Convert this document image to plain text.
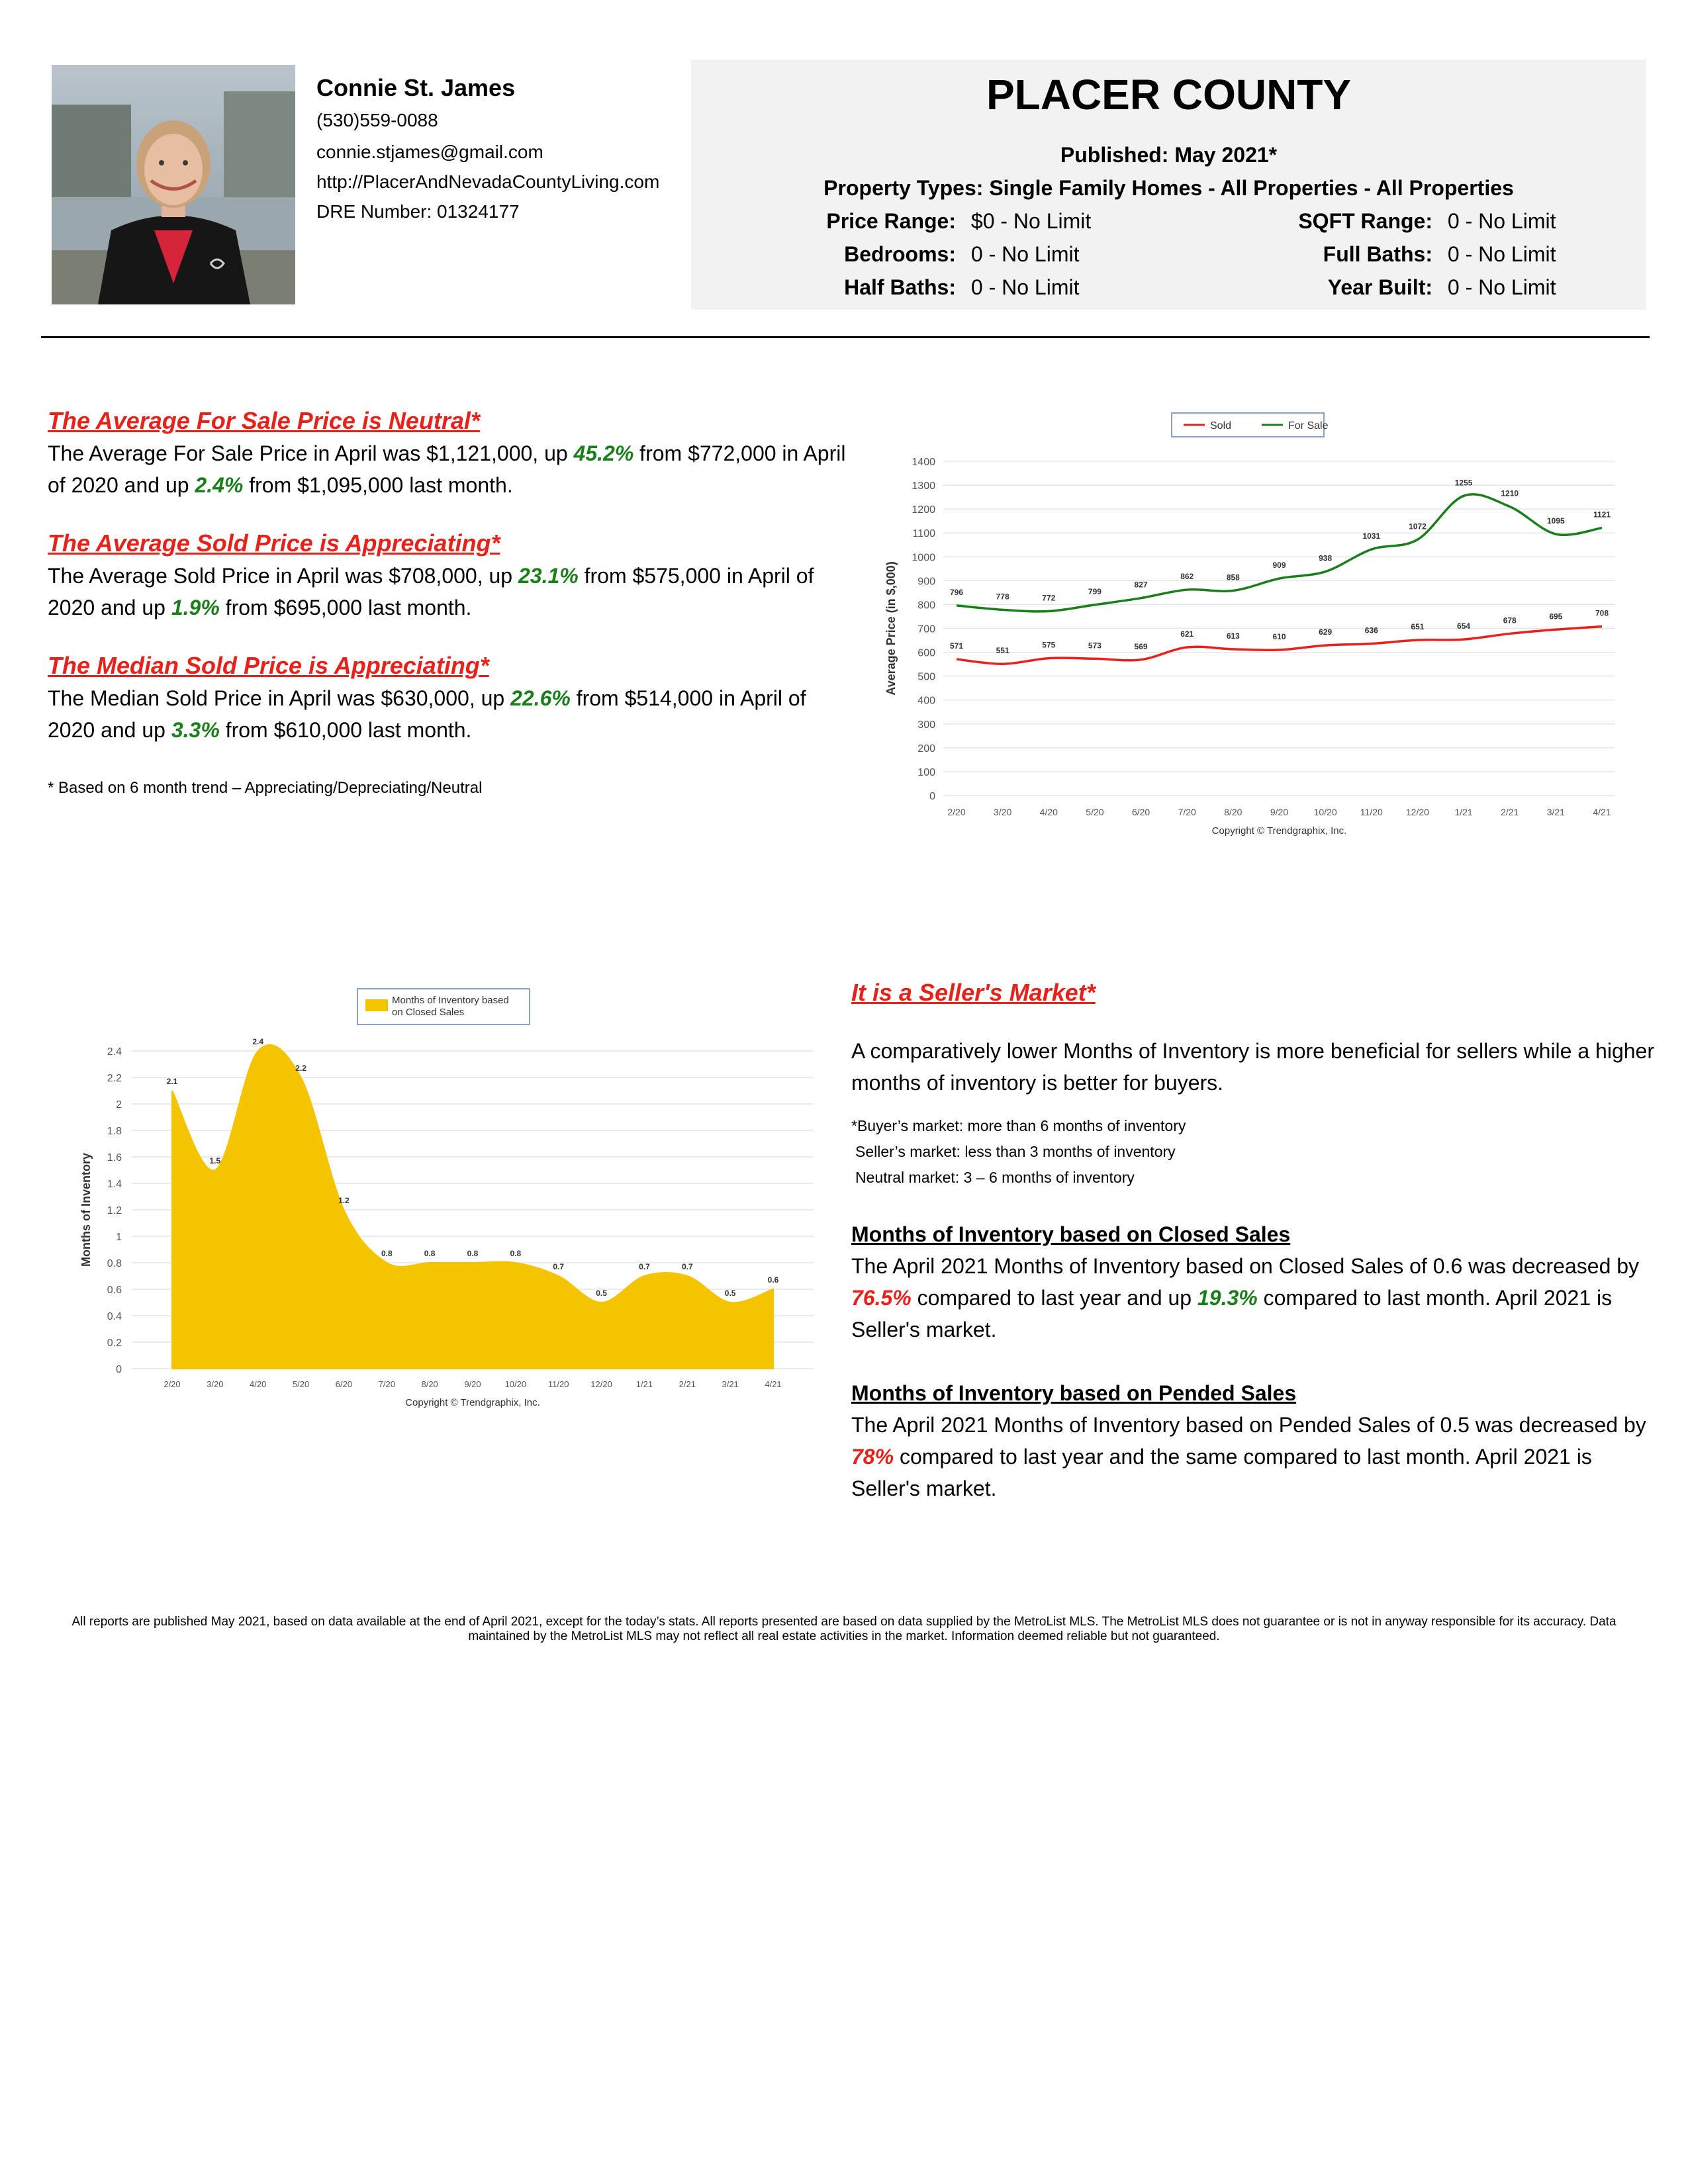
Connie St. James
(530)559-0088
connie.stjames@gmail.com
http://PlacerAndNevadaCountyLiving.com
DRE Number: 01324177
PLACER COUNTY
Published: May 2021*
Property Types: Single Family Homes - All Properties - All Properties
Price Range: $0 - No Limit	SQFT Range: 0 - No Limit
Bedrooms: 0 - No Limit	Full Baths: 0 - No Limit
Half Baths: 0 - No Limit	Year Built: 0 - No Limit
The Average For Sale Price is Neutral*
The Average For Sale Price in April was $1,121,000, up 45.2% from $772,000 in April of 2020 and up 2.4% from $1,095,000 last month.
The Average Sold Price is Appreciating*
The Average Sold Price in April was $708,000, up 23.1% from $575,000 in April of 2020 and up 1.9% from $695,000 last month.
The Median Sold Price is Appreciating*
The Median Sold Price in April was $630,000, up 22.6% from $514,000 in April of 2020 and up 3.3% from $610,000 last month.
* Based on 6 month trend – Appreciating/Depreciating/Neutral
Sold	For Sale
0
100
200
300
400
500
600
700
800
900
1000
1100
1200
1300
1400
2/20	3/20	4/20	5/20	6/20	7/20	8/20	9/20	10/20	11/20	12/20	1/21	2/21	3/21	4/21
Average Price (in $,000)	571
551
575	573	569
621	613	610	629	636	651	654
678	695	708
796	778	772
799
827
862	858
909
938
1031
1072
1255
1210
1095
1121
Copyright © Trendgraphix, Inc.
Months of Inventory based
on Closed Sales
0
0.2
0.4
0.6
0.8
1
1.2
1.4
1.6
1.8
2
2.2
2.4
2/20	3/20	4/20	5/20	6/20	7/20	8/20	9/20	10/20	11/20	12/20	1/21	2/21	3/21	4/21
Months of Inventory
2.1
1.5
2.4
2.2
1.2
0.8	0.8	0.8	0.8
0.7
0.5
0.7	0.7
0.5
0.6
Copyright © Trendgraphix, Inc.
It is a Seller's Market*
A comparatively lower Months of Inventory is more beneficial for sellers while a higher months of inventory is better for buyers.
*Buyer’s market: more than 6 months of inventory
Seller’s market: less than 3 months of inventory
Neutral market: 3 – 6 months of inventory
Months of Inventory based on Closed Sales
The April 2021 Months of Inventory based on Closed Sales of 0.6 was decreased by 76.5% compared to last year and up 19.3% compared to last month. April 2021 is Seller's market.
Months of Inventory based on Pended Sales
The April 2021 Months of Inventory based on Pended Sales of 0.5 was decreased by 78% compared to last year and the same compared to last month. April 2021 is Seller's market.
All reports are published May 2021, based on data available at the end of April 2021, except for the today’s stats. All reports presented are based on data supplied by the MetroList MLS. The MetroList MLS does not guarantee or is not in anyway responsible for its accuracy. Data maintained by the MetroList MLS may not reflect all real estate activities in the market. Information deemed reliable but not guaranteed.
